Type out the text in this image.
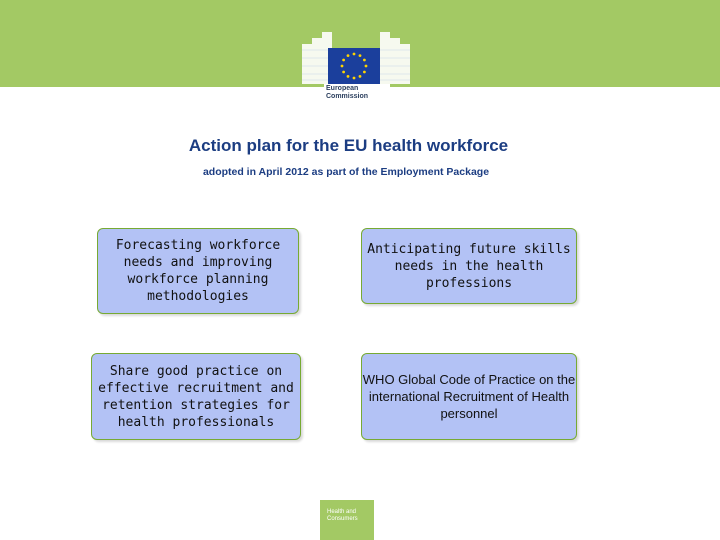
European
Commission
Action plan for the EU health workforce
adopted in April 2012 as part of the Employment Package
Forecasting workforce needs and improving workforce planning methodologies
Anticipating future skills needs in the health professions
Share good practice on effective recruitment and retention strategies for health professionals
WHO Global Code of Practice on the international Recruitment of Health personnel
Health and
Consumers
